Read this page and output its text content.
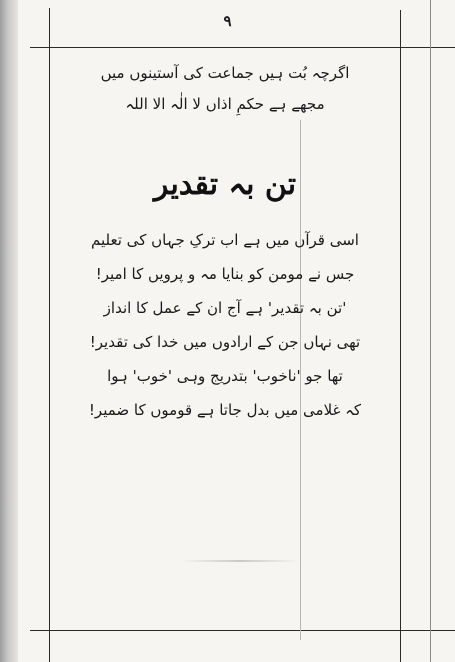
۹
اگرچہ بُت ہیں جماعت کی آستینوں میں
مجھے ہے حکمِ اذاں لا الٰہ الا اللہ
تن بہ تقدیر
اسی قرآں میں ہے اب ترکِ جہاں کی تعلیم
جس نے مومن کو بنایا مہ و پرویں کا امیر!
'تن بہ تقدیر' ہے آج ان کے عمل کا انداز
تھی نہاں جن کے ارادوں میں خدا کی تقدیر!
تھا جو 'ناخوب' بتدریج وہی 'خوب' ہوا
کہ غلامی میں بدل جاتا ہے قوموں کا ضمیر!
